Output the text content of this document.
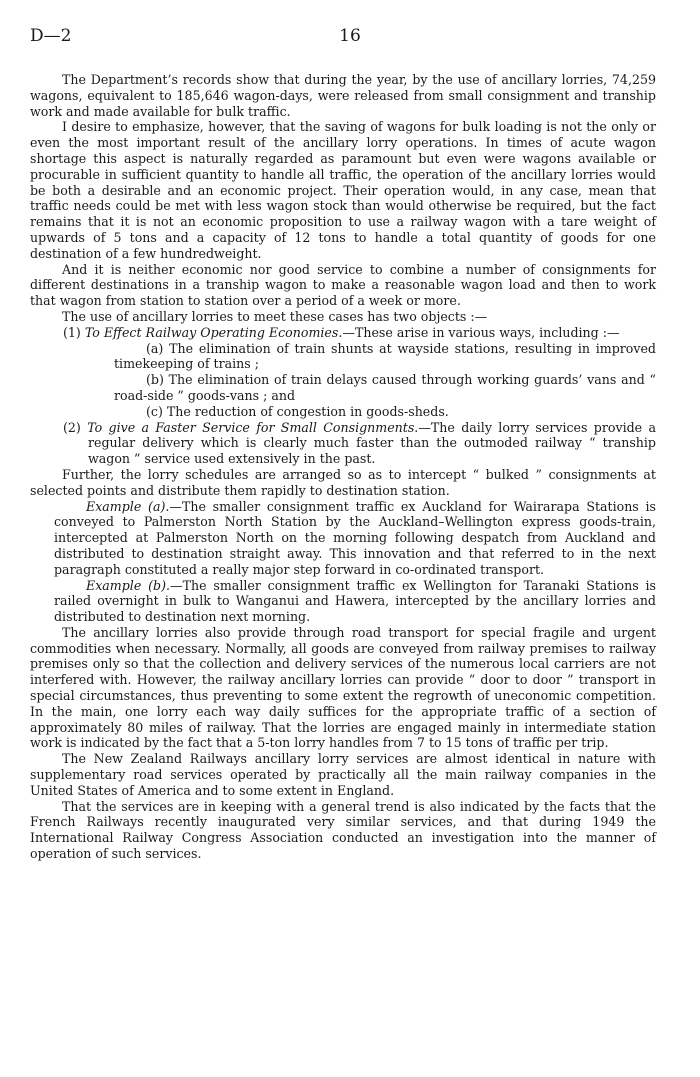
D—2	16

The Department’s records show that during the year, by the use of ancillary lorries, 74,259 wagons, equivalent to 185,646 wagon-days, were released from small consignment and tranship work and made available for bulk traffic.

I desire to emphasize, however, that the saving of wagons for bulk loading is not the only or even the most important result of the ancillary lorry operations. In times of acute wagon shortage this aspect is naturally regarded as paramount but even were wagons available or procurable in sufficient quantity to handle all traffic, the operation of the ancillary lorries would be both a desirable and an economic project. Their operation would, in any case, mean that traffic needs could be met with less wagon stock than would otherwise be required, but the fact remains that it is not an economic proposition to use a railway wagon with a tare weight of upwards of 5 tons and a capacity of 12 tons to handle a total quantity of goods for one destination of a few hundredweight.

And it is neither economic nor good service to combine a number of consignments for different destinations in a tranship wagon to make a reasonable wagon load and then to work that wagon from station to station over a period of a week or more.

The use of ancillary lorries to meet these cases has two objects :—

(1) To Effect Railway Operating Economies.—These arise in various ways, including :—

(a) The elimination of train shunts at wayside stations, resulting in improved timekeeping of trains ;

(b) The elimination of train delays caused through working guards’ vans and “ road-side ” goods-vans ; and

(c) The reduction of congestion in goods-sheds.

(2) To give a Faster Service for Small Consignments.—The daily lorry services provide a regular delivery which is clearly much faster than the outmoded railway “ tranship wagon ” service used extensively in the past.

Further, the lorry schedules are arranged so as to intercept “ bulked ” consignments at selected points and distribute them rapidly to destination station.

Example (a).—The smaller consignment traffic ex Auckland for Wairarapa Stations is conveyed to Palmerston North Station by the Auckland–Wellington express goods-train, intercepted at Palmerston North on the morning following despatch from Auckland and distributed to destination straight away. This innovation and that referred to in the next paragraph constituted a really major step forward in co-ordinated transport.

Example (b).—The smaller consignment traffic ex Wellington for Taranaki Stations is railed overnight in bulk to Wanganui and Hawera, intercepted by the ancillary lorries and distributed to destination next morning.

The ancillary lorries also provide through road transport for special fragile and urgent commodities when necessary. Normally, all goods are conveyed from railway premises to railway premises only so that the collection and delivery services of the numerous local carriers are not interfered with. However, the railway ancillary lorries can provide “ door to door ” transport in special circumstances, thus preventing to some extent the regrowth of uneconomic competition. In the main, one lorry each way daily suffices for the appropriate traffic of a section of approximately 80 miles of railway. That the lorries are engaged mainly in intermediate station work is indicated by the fact that a 5-ton lorry handles from 7 to 15 tons of traffic per trip.

The New Zealand Railways ancillary lorry services are almost identical in nature with supplementary road services operated by practically all the main railway companies in the United States of America and to some extent in England.

That the services are in keeping with a general trend is also indicated by the facts that the French Railways recently inaugurated very similar services, and that during 1949 the International Railway Congress Association conducted an investigation into the manner of operation of such services.
